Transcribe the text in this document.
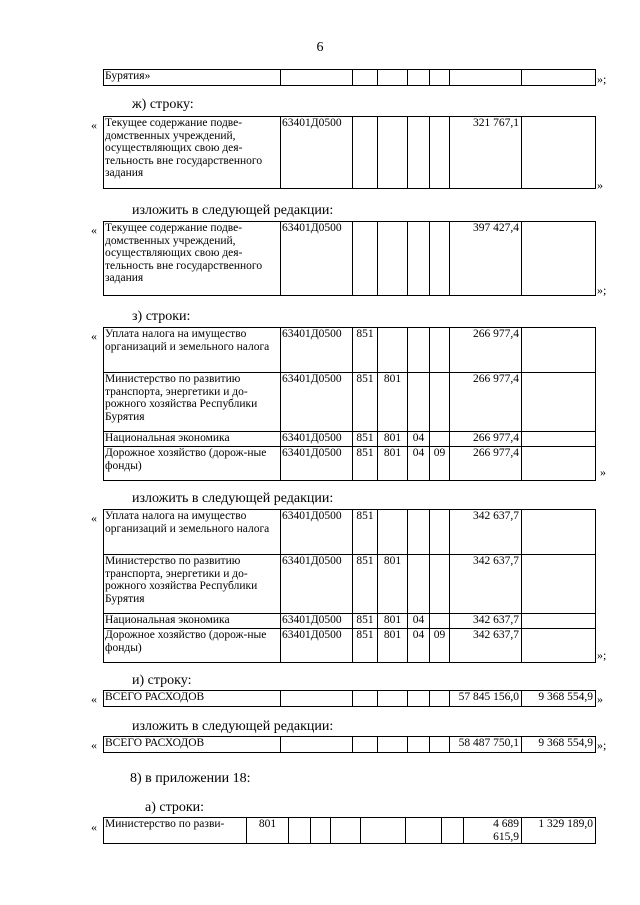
6
Бурятия»								»;
ж) строку:
« Текущее содержание подве-домственных учреждений, осуществляющих свою дея-тельность вне государственного задания	63401Д0500					321 767,1	
»
изложить в следующей редакции:
« Текущее содержание подве-домственных учреждений, осуществляющих свою дея-тельность вне государственного задания	63401Д0500					397 427,4	
»;
з) строки:
« Уплата налога на имущество организаций и земельного налога	63401Д0500	851				266 977,4	
Министерство по развитию транспорта, энергетики и до-рожного хозяйства Республики Бурятия	63401Д0500	851	801			266 977,4	
Национальная экономика	63401Д0500	851	801	04		266 977,4	
Дорожное хозяйство (дорож-ные фонды)	63401Д0500	851	801	04	09	266 977,4	
»
изложить в следующей редакции:
« Уплата налога на имущество организаций и земельного налога	63401Д0500	851				342 637,7	
Министерство по развитию транспорта, энергетики и до-рожного хозяйства Республики Бурятия	63401Д0500	851	801			342 637,7	
Национальная экономика	63401Д0500	851	801	04		342 637,7	
Дорожное хозяйство (дорож-ные фонды)	63401Д0500	851	801	04	09	342 637,7	
»;
и) строку:
« ВСЕГО РАСХОДОВ						57 845 156,0	9 368 554,9 »
изложить в следующей редакции:
« ВСЕГО РАСХОДОВ						58 487 750,1	9 368 554,9 »;
8) в приложении 18:
а) строки:
« Министерство по разви-	801							4 689 615,9	1 329 189,0
